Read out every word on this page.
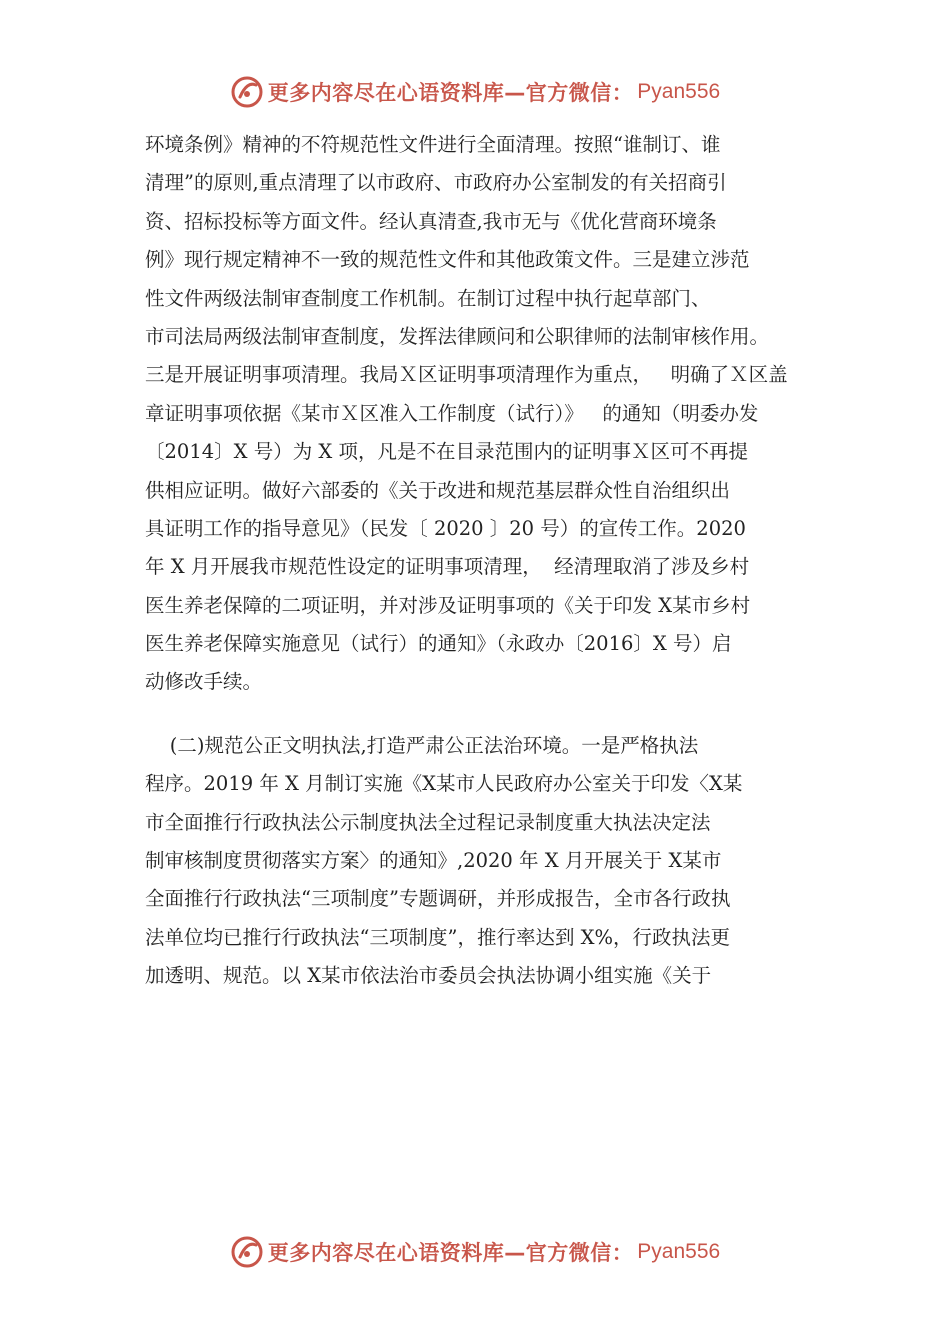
更多内容尽在心语资料库—官方微信： Pyan556
环境条例》精神的不符规范性文件进行全面清理。按照“谁制订、谁
清理”的原则,重点清理了以市政府、市政府办公室制发的有关招商引
资、招标投标等方面文件。经认真清查,我市无与《优化营商环境条
例》现行规定精神不一致的规范性文件和其他政策文件。三是建立涉范
性文件两级法制审查制度工作机制。在制订过程中执行起草部门、
市司法局两级法制审查制度，发挥法律顾问和公职律师的法制审核作用。
三是开展证明事项清理。我局Ｘ区证明事项清理作为重点，   明确了Ｘ区盖
章证明事项依据《某市Ｘ区准入工作制度（试行）》   的通知（明委办发
〔2014〕X 号）为 X 项，凡是不在目录范围内的证明事Ｘ区可不再提
供相应证明。做好六部委的《关于改进和规范基层群众性自治组织出
具证明工作的指导意见》（民发〔 2020 〕20 号）的宣传工作。2020
年 X 月开展我市规范性设定的证明事项清理，  经清理取消了涉及乡村
医生养老保障的二项证明，并对涉及证明事项的《关于印发 X某市乡村
医生养老保障实施意见（试行）的通知》（永政办〔2016〕X 号）启
动修改手续。
(二)规范公正文明执法,打造严肃公正法治环境。一是严格执法
程序。2019 年 X 月制订实施《X某市人民政府办公室关于印发〈X某
市全面推行行政执法公示制度执法全过程记录制度重大执法决定法
制审核制度贯彻落实方案〉的通知》,2020 年 X 月开展关于 X某市
全面推行行政执法“三项制度”专题调研，并形成报告，全市各行政执
法单位均已推行行政执法“三项制度”，推行率达到 X%，行政执法更
加透明、规范。以 X某市依法治市委员会执法协调小组实施《关于
更多内容尽在心语资料库—官方微信： Pyan556
